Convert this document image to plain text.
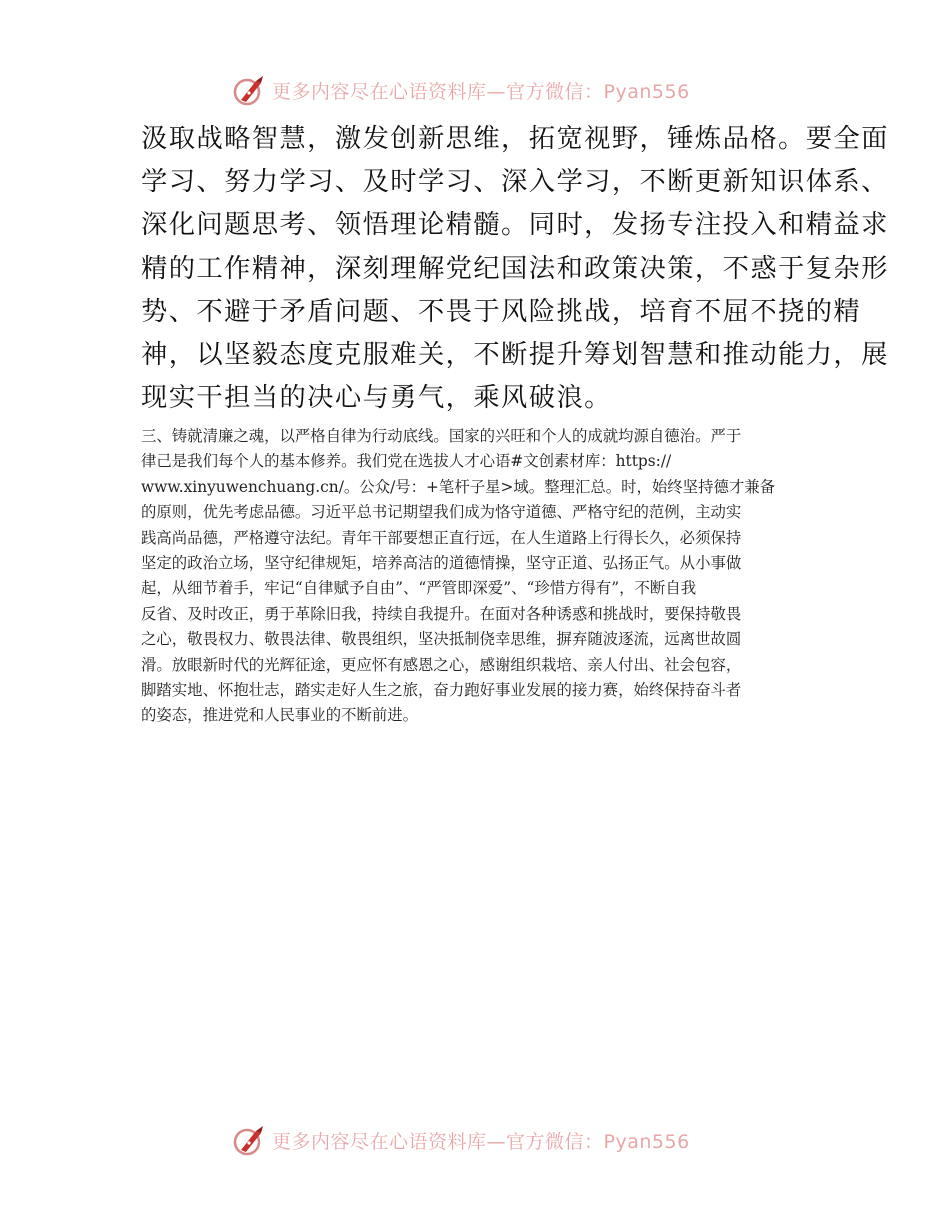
更多内容尽在心语资料库—官方微信：Pyan556
汲取战略智慧，激发创新思维，拓宽视野，锤炼品格。要全面
学习、努力学习、及时学习、深入学习，不断更新知识体系、
深化问题思考、领悟理论精髓。同时，发扬专注投入和精益求
精的工作精神，深刻理解党纪国法和政策决策，不惑于复杂形
势、不避于矛盾问题、不畏于风险挑战，培育不屈不挠的精
神，以坚毅态度克服难关，不断提升筹划智慧和推动能力，展
现实干担当的决心与勇气，乘风破浪。
三、铸就清廉之魂，以严格自律为行动底线。国家的兴旺和个人的成就均源自德治。严于
律己是我们每个人的基本修养。我们党在选拔人才心语#文创素材库：https://
www.xinyuwenchuang.cn/。公众/号：+笔杆子星>域。整理汇总。时，始终坚持德才兼备
的原则，优先考虑品德。习近平总书记期望我们成为恪守道德、严格守纪的范例，主动实
践高尚品德，严格遵守法纪。青年干部要想正直行远，在人生道路上行得长久，必须保持
坚定的政治立场，坚守纪律规矩，培养高洁的道德情操，坚守正道、弘扬正气。从小事做
起，从细节着手，牢记“自律赋予自由”、“严管即深爱”、“珍惜方得有”，不断自我
反省、及时改正，勇于革除旧我，持续自我提升。在面对各种诱惑和挑战时，要保持敬畏
之心，敬畏权力、敬畏法律、敬畏组织，坚决抵制侥幸思维，摒弃随波逐流，远离世故圆
滑。放眼新时代的光辉征途，更应怀有感恩之心，感谢组织栽培、亲人付出、社会包容，
脚踏实地、怀抱壮志，踏实走好人生之旅，奋力跑好事业发展的接力赛，始终保持奋斗者
的姿态，推进党和人民事业的不断前进。
更多内容尽在心语资料库—官方微信：Pyan556
